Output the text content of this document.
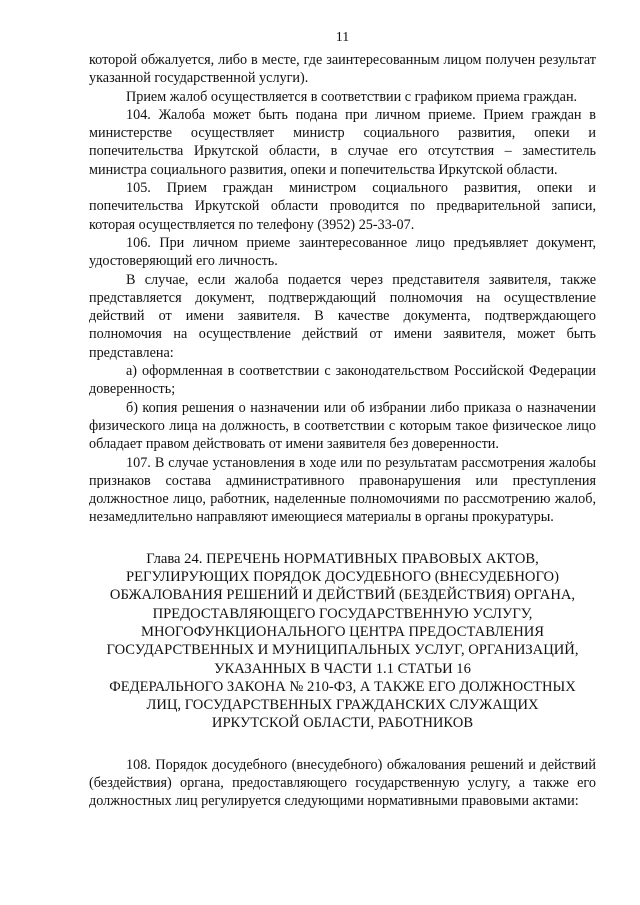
11

которой обжалуется, либо в месте, где заинтересованным лицом получен результат указанной государственной услуги).

Прием жалоб осуществляется в соответствии с графиком приема граждан.

104. Жалоба может быть подана при личном приеме. Прием граждан в министерстве осуществляет министр социального развития, опеки и попечительства Иркутской области, в случае его отсутствия – заместитель министра социального развития, опеки и попечительства Иркутской области.

105. Прием граждан министром социального развития, опеки и попечительства Иркутской области проводится по предварительной записи, которая осуществляется по телефону (3952) 25-33-07.

106. При личном приеме заинтересованное лицо предъявляет документ, удостоверяющий его личность.

В случае, если жалоба подается через представителя заявителя, также представляется документ, подтверждающий полномочия на осуществление действий от имени заявителя. В качестве документа, подтверждающего полномочия на осуществление действий от имени заявителя, может быть представлена:

а) оформленная в соответствии с законодательством Российской Федерации доверенность;

б) копия решения о назначении или об избрании либо приказа о назначении физического лица на должность, в соответствии с которым такое физическое лицо обладает правом действовать от имени заявителя без доверенности.

107. В случае установления в ходе или по результатам рассмотрения жалобы признаков состава административного правонарушения или преступления должностное лицо, работник, наделенные полномочиями по рассмотрению жалоб, незамедлительно направляют имеющиеся материалы в органы прокуратуры.

Глава 24. ПЕРЕЧЕНЬ НОРМАТИВНЫХ ПРАВОВЫХ АКТОВ,
РЕГУЛИРУЮЩИХ ПОРЯДОК ДОСУДЕБНОГО (ВНЕСУДЕБНОГО)
ОБЖАЛОВАНИЯ РЕШЕНИЙ И ДЕЙСТВИЙ (БЕЗДЕЙСТВИЯ) ОРГАНА,
ПРЕДОСТАВЛЯЮЩЕГО ГОСУДАРСТВЕННУЮ УСЛУГУ,
МНОГОФУНКЦИОНАЛЬНОГО ЦЕНТРА ПРЕДОСТАВЛЕНИЯ
ГОСУДАРСТВЕННЫХ И МУНИЦИПАЛЬНЫХ УСЛУГ, ОРГАНИЗАЦИЙ,
УКАЗАННЫХ В ЧАСТИ 1.1 СТАТЬИ 16
ФЕДЕРАЛЬНОГО ЗАКОНА № 210-ФЗ, А ТАКЖЕ ЕГО ДОЛЖНОСТНЫХ
ЛИЦ, ГОСУДАРСТВЕННЫХ ГРАЖДАНСКИХ СЛУЖАЩИХ
ИРКУТСКОЙ ОБЛАСТИ, РАБОТНИКОВ

108. Порядок досудебного (внесудебного) обжалования решений и действий (бездействия) органа, предоставляющего государственную услугу, а также его должностных лиц регулируется следующими нормативными правовыми актами:
